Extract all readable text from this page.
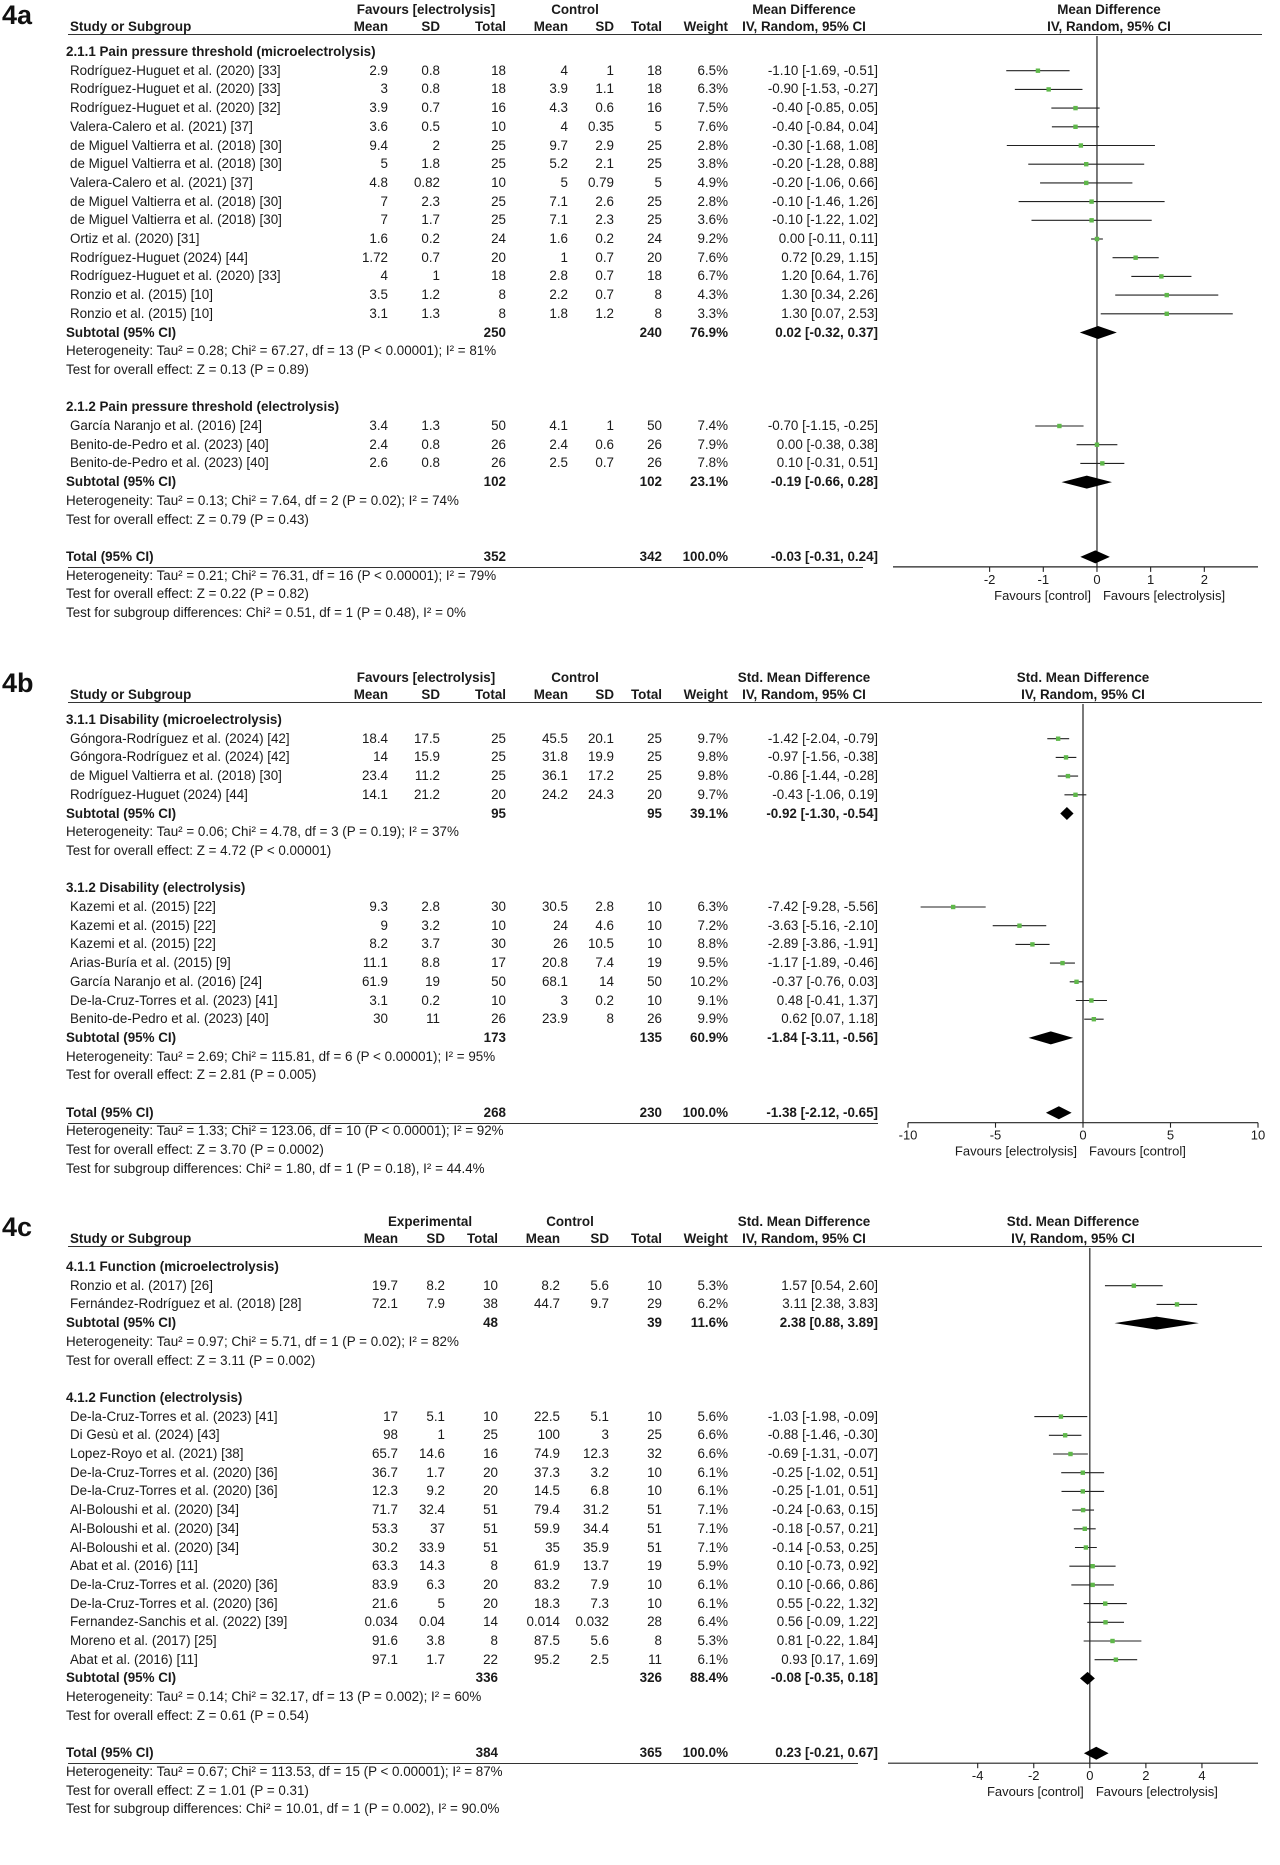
4a	Favours [electrolysis]	Control	Mean Difference	Mean Difference
Study or Subgroup	Mean	SD	Total	Mean	SD	Total	Weight	IV, Random, 95% CI	IV, Random, 95% CI
-2	-1	0	1	2
Favours [control] Favours [electrolysis]
2.1.1 Pain pressure threshold (microelectrolysis)
Rodríguez-Huguet et al. (2020) [33]	2.9	0.8	18	4	1	18	6.5%	-1.10 [-1.69, -0.51]
Rodríguez-Huguet et al. (2020) [33]	3	0.8	18	3.9	1.1	18	6.3%	-0.90 [-1.53, -0.27]
Rodríguez-Huguet et al. (2020) [32]	3.9	0.7	16	4.3	0.6	16	7.5%	-0.40 [-0.85, 0.05]
Valera-Calero et al. (2021) [37]	3.6	0.5	10	4	0.35	5	7.6%	-0.40 [-0.84, 0.04]
de Miguel Valtierra et al. (2018) [30]	9.4	2	25	9.7	2.9	25	2.8%	-0.30 [-1.68, 1.08]
de Miguel Valtierra et al. (2018) [30]	5	1.8	25	5.2	2.1	25	3.8%	-0.20 [-1.28, 0.88]
Valera-Calero et al. (2021) [37]	4.8	0.82	10	5	0.79	5	4.9%	-0.20 [-1.06, 0.66]
de Miguel Valtierra et al. (2018) [30]	7	2.3	25	7.1	2.6	25	2.8%	-0.10 [-1.46, 1.26]
de Miguel Valtierra et al. (2018) [30]	7	1.7	25	7.1	2.3	25	3.6%	-0.10 [-1.22, 1.02]
Ortiz et al. (2020) [31]	1.6	0.2	24	1.6	0.2	24	9.2%	0.00 [-0.11, 0.11]
Rodríguez-Huguet (2024) [44]	1.72	0.7	20	1	0.7	20	7.6%	0.72 [0.29, 1.15]
Rodríguez-Huguet et al. (2020) [33]	4	1	18	2.8	0.7	18	6.7%	1.20 [0.64, 1.76]
Ronzio et al. (2015) [10]	3.5	1.2	8	2.2	0.7	8	4.3%	1.30 [0.34, 2.26]
Ronzio et al. (2015) [10]	3.1	1.3	8	1.8	1.2	8	3.3%	1.30 [0.07, 2.53]
Subtotal (95% CI)	250	240	76.9%	0.02 [-0.32, 0.37]
Heterogeneity: Tau² = 0.28; Chi² = 67.27, df = 13 (P < 0.00001); I² = 81%
Test for overall effect: Z = 0.13 (P = 0.89)
2.1.2 Pain pressure threshold (electrolysis)
García Naranjo et al. (2016) [24]	3.4	1.3	50	4.1	1	50	7.4%	-0.70 [-1.15, -0.25]
Benito-de-Pedro et al. (2023) [40]	2.4	0.8	26	2.4	0.6	26	7.9%	0.00 [-0.38, 0.38]
Benito-de-Pedro et al. (2023) [40]	2.6	0.8	26	2.5	0.7	26	7.8%	0.10 [-0.31, 0.51]
Subtotal (95% CI)	102	102	23.1%	-0.19 [-0.66, 0.28]
Heterogeneity: Tau² = 0.13; Chi² = 7.64, df = 2 (P = 0.02); I² = 74%
Test for overall effect: Z = 0.79 (P = 0.43)
Total (95% CI)	352	342	100.0%	-0.03 [-0.31, 0.24]
Heterogeneity: Tau² = 0.21; Chi² = 76.31, df = 16 (P < 0.00001); I² = 79%
Test for overall effect: Z = 0.22 (P = 0.82)
Test for subgroup differences: Chi² = 0.51, df = 1 (P = 0.48), I² = 0%
4b	Favours [electrolysis]	Control	Std. Mean Difference	Std. Mean Difference
Study or Subgroup	Mean	SD	Total	Mean	SD	Total	Weight	IV, Random, 95% CI	IV, Random, 95% CI
-10	-5	0	5	10
Favours [electrolysis] Favours [control]
3.1.1 Disability (microelectrolysis)
Góngora-Rodríguez et al. (2024) [42]	18.4	17.5	25	45.5	20.1	25	9.7%	-1.42 [-2.04, -0.79]
Góngora-Rodríguez et al. (2024) [42]	14	15.9	25	31.8	19.9	25	9.8%	-0.97 [-1.56, -0.38]
de Miguel Valtierra et al. (2018) [30]	23.4	11.2	25	36.1	17.2	25	9.8%	-0.86 [-1.44, -0.28]
Rodríguez-Huguet (2024) [44]	14.1	21.2	20	24.2	24.3	20	9.7%	-0.43 [-1.06, 0.19]
Subtotal (95% CI)	95	95	39.1%	-0.92 [-1.30, -0.54]
Heterogeneity: Tau² = 0.06; Chi² = 4.78, df = 3 (P = 0.19); I² = 37%
Test for overall effect: Z = 4.72 (P < 0.00001)
3.1.2 Disability (electrolysis)
Kazemi et al. (2015) [22]	9.3	2.8	30	30.5	2.8	10	6.3%	-7.42 [-9.28, -5.56]
Kazemi et al. (2015) [22]	9	3.2	10	24	4.6	10	7.2%	-3.63 [-5.16, -2.10]
Kazemi et al. (2015) [22]	8.2	3.7	30	26	10.5	10	8.8%	-2.89 [-3.86, -1.91]
Arias-Buría et al. (2015) [9]	11.1	8.8	17	20.8	7.4	19	9.5%	-1.17 [-1.89, -0.46]
García Naranjo et al. (2016) [24]	61.9	19	50	68.1	14	50	10.2%	-0.37 [-0.76, 0.03]
De-la-Cruz-Torres et al. (2023) [41]	3.1	0.2	10	3	0.2	10	9.1%	0.48 [-0.41, 1.37]
Benito-de-Pedro et al. (2023) [40]	30	11	26	23.9	8	26	9.9%	0.62 [0.07, 1.18]
Subtotal (95% CI)	173	135	60.9%	-1.84 [-3.11, -0.56]
Heterogeneity: Tau² = 2.69; Chi² = 115.81, df = 6 (P < 0.00001); I² = 95%
Test for overall effect: Z = 2.81 (P = 0.005)
Total (95% CI)	268	230	100.0%	-1.38 [-2.12, -0.65]
Heterogeneity: Tau² = 1.33; Chi² = 123.06, df = 10 (P < 0.00001); I² = 92%
Test for overall effect: Z = 3.70 (P = 0.0002)
Test for subgroup differences: Chi² = 1.80, df = 1 (P = 0.18), I² = 44.4%
4c	Experimental	Control	Std. Mean Difference	Std. Mean Difference
Study or Subgroup	Mean	SD	Total	Mean	SD	Total	Weight	IV, Random, 95% CI	IV, Random, 95% CI
-4	-2	0	2	4
Favours [control] Favours [electrolysis]
4.1.1 Function (microelectrolysis)
Ronzio et al. (2017) [26]	19.7	8.2	10	8.2	5.6	10	5.3%	1.57 [0.54, 2.60]
Fernández-Rodríguez et al. (2018) [28]	72.1	7.9	38	44.7	9.7	29	6.2%	3.11 [2.38, 3.83]
Subtotal (95% CI)	48	39	11.6%	2.38 [0.88, 3.89]
Heterogeneity: Tau² = 0.97; Chi² = 5.71, df = 1 (P = 0.02); I² = 82%
Test for overall effect: Z = 3.11 (P = 0.002)
4.1.2 Function (electrolysis)
De-la-Cruz-Torres et al. (2023) [41]	17	5.1	10	22.5	5.1	10	5.6%	-1.03 [-1.98, -0.09]
Di Gesù et al. (2024) [43]	98	1	25	100	3	25	6.6%	-0.88 [-1.46, -0.30]
Lopez-Royo et al. (2021) [38]	65.7	14.6	16	74.9	12.3	32	6.6%	-0.69 [-1.31, -0.07]
De-la-Cruz-Torres et al. (2020) [36]	36.7	1.7	20	37.3	3.2	10	6.1%	-0.25 [-1.02, 0.51]
De-la-Cruz-Torres et al. (2020) [36]	12.3	9.2	20	14.5	6.8	10	6.1%	-0.25 [-1.01, 0.51]
Al-Boloushi et al. (2020) [34]	71.7	32.4	51	79.4	31.2	51	7.1%	-0.24 [-0.63, 0.15]
Al-Boloushi et al. (2020) [34]	53.3	37	51	59.9	34.4	51	7.1%	-0.18 [-0.57, 0.21]
Al-Boloushi et al. (2020) [34]	30.2	33.9	51	35	35.9	51	7.1%	-0.14 [-0.53, 0.25]
Abat et al. (2016) [11]	63.3	14.3	8	61.9	13.7	19	5.9%	0.10 [-0.73, 0.92]
De-la-Cruz-Torres et al. (2020) [36]	83.9	6.3	20	83.2	7.9	10	6.1%	0.10 [-0.66, 0.86]
De-la-Cruz-Torres et al. (2020) [36]	21.6	5	20	18.3	7.3	10	6.1%	0.55 [-0.22, 1.32]
Fernandez-Sanchis et al. (2022) [39]	0.034	0.04	14	0.014	0.032	28	6.4%	0.56 [-0.09, 1.22]
Moreno et al. (2017) [25]	91.6	3.8	8	87.5	5.6	8	5.3%	0.81 [-0.22, 1.84]
Abat et al. (2016) [11]	97.1	1.7	22	95.2	2.5	11	6.1%	0.93 [0.17, 1.69]
Subtotal (95% CI)	336	326	88.4%	-0.08 [-0.35, 0.18]
Heterogeneity: Tau² = 0.14; Chi² = 32.17, df = 13 (P = 0.002); I² = 60%
Test for overall effect: Z = 0.61 (P = 0.54)
Total (95% CI)	384	365	100.0%	0.23 [-0.21, 0.67]
Heterogeneity: Tau² = 0.67; Chi² = 113.53, df = 15 (P < 0.00001); I² = 87%
Test for overall effect: Z = 1.01 (P = 0.31)
Test for subgroup differences: Chi² = 10.01, df = 1 (P = 0.002), I² = 90.0%
